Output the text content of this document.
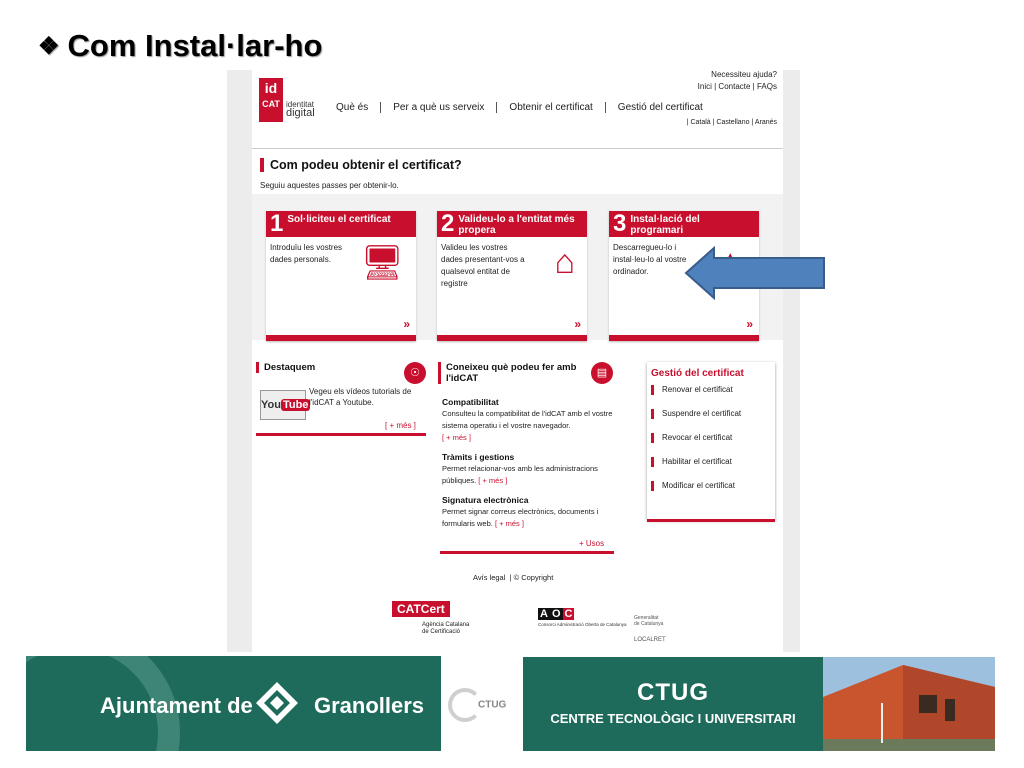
❖ Com Instal·lar-ho
id
CAT identitat
digital
Necessiteu ajuda?
Inici | Contacte | FAQs
Què és	Per a què us serveix	Obtenir el certificat	Gestió del certificat
| Català | Castellano | Aranés
Com podeu obtenir el certificat?
Seguiu aquestes passes per obtenir-lo.
1 Sol·liciteu el certificat
Introduïu les vostres dades personals. 🖥
»
2 Valideu-lo a l'entitat més propera
Valideu les vostres dades presentant-vos a qualsevol entitat de registre
⌂
»
3 Instal·lació del programari
Descarregueu-lo i instal·leu-lo al vostre ordinador.
»
Destaquem	☉
You Tube
Vegeu els vídeos tutorials de l'idCAT a Youtube.
[ + més ]
Coneixeu què podeu fer amb l'idCAT	▤
Compatibilitat
Consulteu la compatibilitat de l'idCAT amb el vostre sistema operatiu i el vostre navegador.
[ + més ]
Tràmits i gestions
Permet relacionar-vos amb les administracions públiques. [ + més ]
Signatura electrònica
Permet signar correus electrònics, documents i formularis web. [ + més ]
+ Usos
Gestió del certificat
Renovar el certificat
Suspendre el certificat
Revocar el certificat
Habilitar el certificat
Modificar el certificat
Avís legal  | © Copyright
CATCert
Agència Catalana
de Certificació
A O C
Consorci Administració Oberta de Catalunya
Generalitat
de Catalunya
LOCALRET
Ajuntament de	Granollers	CTUG	CTUG
CENTRE TECNOLÒGIC I UNIVERSITARI
